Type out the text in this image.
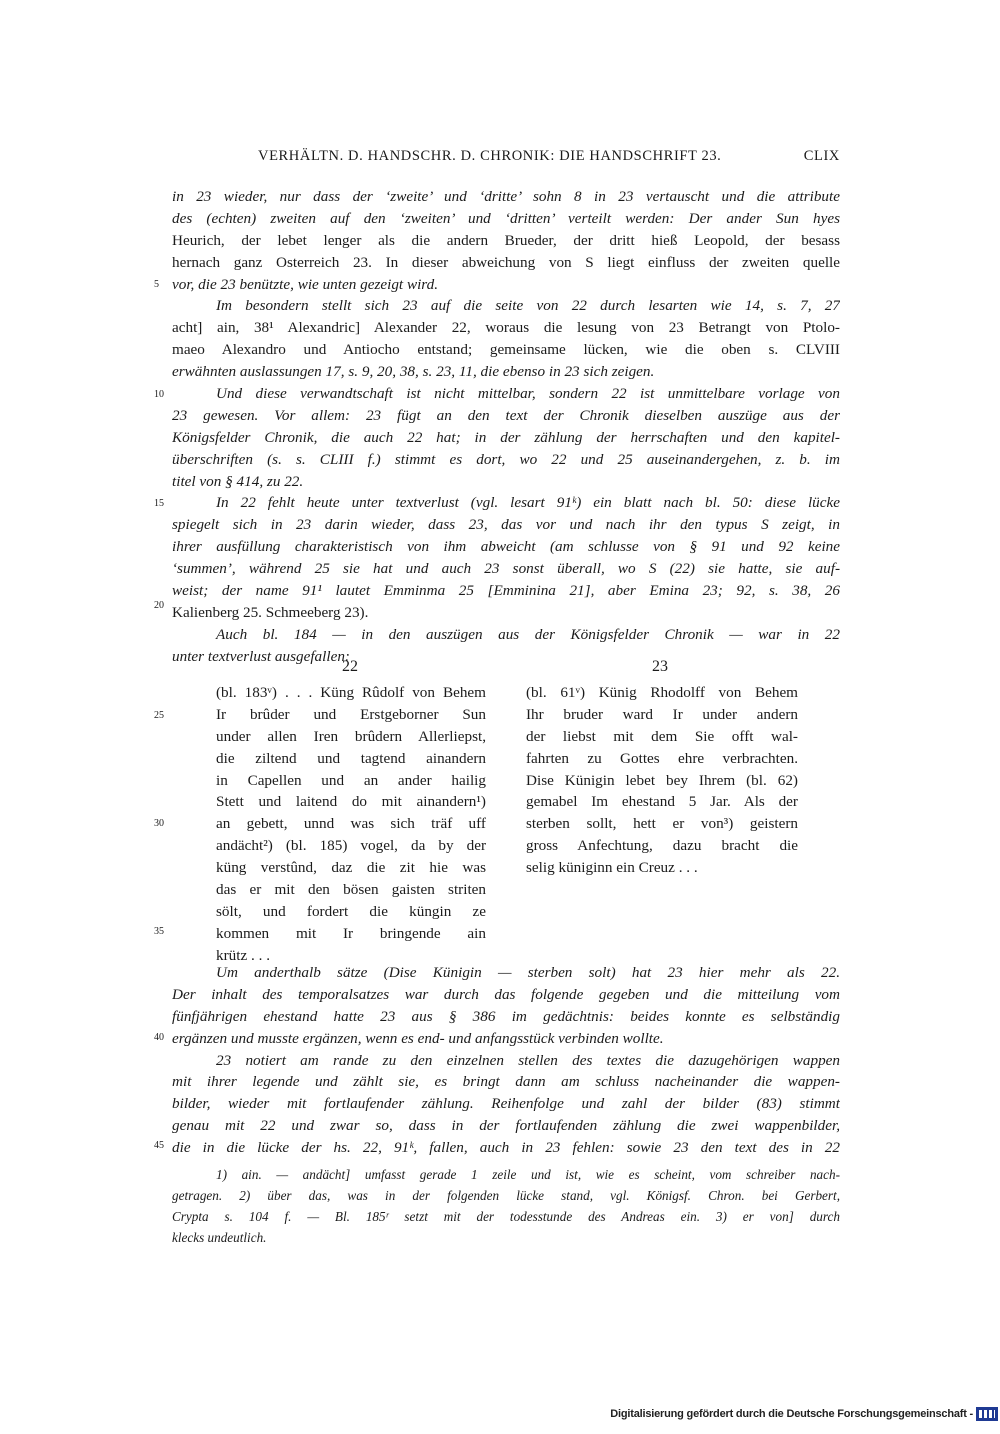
VERHÄLTN. D. HANDSCHR. D. CHRONIK: DIE HANDSCHRIFT 23.	CLIX
in 23 wieder, nur dass der ‘zweite’ und ‘dritte’ sohn 8 in 23 vertauscht und die attribute
des (echten) zweiten auf den ‘zweiten’ und ‘dritten’ verteilt werden: Der ander Sun hyes
Heurich, der lebet lenger als die andern Brueder, der dritt hieß Leopold, der besass
hernach ganz Osterreich 23. In dieser abweichung von S liegt einfluss der zweiten quelle
vor, die 23 benützte, wie unten gezeigt wird.
Im besondern stellt sich 23 auf die seite von 22 durch lesarten wie 14, s. 7, 27
acht] ain, 38¹ Alexandric] Alexander 22, woraus die lesung von 23 Betrangt von Ptolo-
maeo Alexandro und Antiocho entstand; gemeinsame lücken, wie die oben s. CLVIII
erwähnten auslassungen 17, s. 9, 20, 38, s. 23, 11, die ebenso in 23 sich zeigen.
Und diese verwandtschaft ist nicht mittelbar, sondern 22 ist unmittelbare vorlage von
23 gewesen. Vor allem: 23 fügt an den text der Chronik dieselben auszüge aus der
Königsfelder Chronik, die auch 22 hat; in der zählung der herrschaften und den kapitel-
überschriften (s. s. CLIII f.) stimmt es dort, wo 22 und 25 auseinandergehen, z. b. im
titel von § 414, zu 22.
In 22 fehlt heute unter textverlust (vgl. lesart 91ᵏ) ein blatt nach bl. 50: diese lücke
spiegelt sich in 23 darin wieder, dass 23, das vor und nach ihr den typus S zeigt, in
ihrer ausfüllung charakteristisch von ihm abweicht (am schlusse von § 91 und 92 keine
‘summen’, während 25 sie hat und auch 23 sonst überall, wo S (22) sie hatte, sie auf-
weist; der name 91¹ lautet Emminma 25 [Emminina 21], aber Emina 23; 92, s. 38, 26
Kalienberg 25. Schmeeberg 23).
Auch bl. 184 — in den auszügen aus der Königsfelder Chronik — war in 22
unter textverlust ausgefallen:
22	23
(bl. 183ᵛ) . . . Küng Rûdolf von Behem
Ir brûder und Erstgeborner Sun
under allen Iren brûdern Allerliepst,
die ziltend und tagtend ainandern
in Capellen und an ander hailig
Stett und laitend do mit ainandern¹)
an gebett, unnd was sich träf uff
andächt²) (bl. 185) vogel, da by der
küng verstûnd, daz die zit hie was
das er mit den bösen gaisten striten
sölt, und fordert die küngin ze
kommen mit Ir bringende ain
krütz . . .
(bl. 61ᵛ) Künig Rhodolff von Behem
Ihr bruder ward Ir under andern
der liebst mit dem Sie offt wal-
fahrten zu Gottes ehre verbrachten.
Dise Künigin lebet bey Ihrem (bl. 62)
gemabel Im ehestand 5 Jar. Als der
sterben sollt, hett er von³) geistern
gross Anfechtung, dazu bracht die
selig küniginn ein Creuz . . .
Um anderthalb sätze (Dise Künigin — sterben solt) hat 23 hier mehr als 22.
Der inhalt des temporalsatzes war durch das folgende gegeben und die mitteilung vom
fünfjährigen ehestand hatte 23 aus § 386 im gedächtnis: beides konnte es selbständig
ergänzen und musste ergänzen, wenn es end- und anfangsstück verbinden wollte.
23 notiert am rande zu den einzelnen stellen des textes die dazugehörigen wappen
mit ihrer legende und zählt sie, es bringt dann am schluss nacheinander die wappen-
bilder, wieder mit fortlaufender zählung. Reihenfolge und zahl der bilder (83) stimmt
genau mit 22 und zwar so, dass in der fortlaufenden zählung die zwei wappenbilder,
die in die lücke der hs. 22, 91ᵏ, fallen, auch in 23 fehlen: sowie 23 den text des in 22
1) ain. — andächt] umfasst gerade 1 zeile und ist, wie es scheint, vom schreiber nach-
getragen. 2) über das, was in der folgenden lücke stand, vgl. Königsf. Chron. bei Gerbert,
Crypta s. 104 f. — Bl. 185ʳ setzt mit der todesstunde des Andreas ein. 3) er von] durch
klecks undeutlich.
5
10
15
20
25
30
35
40
45
Digitalisierung gefördert durch die Deutsche Forschungsgemeinschaft -
